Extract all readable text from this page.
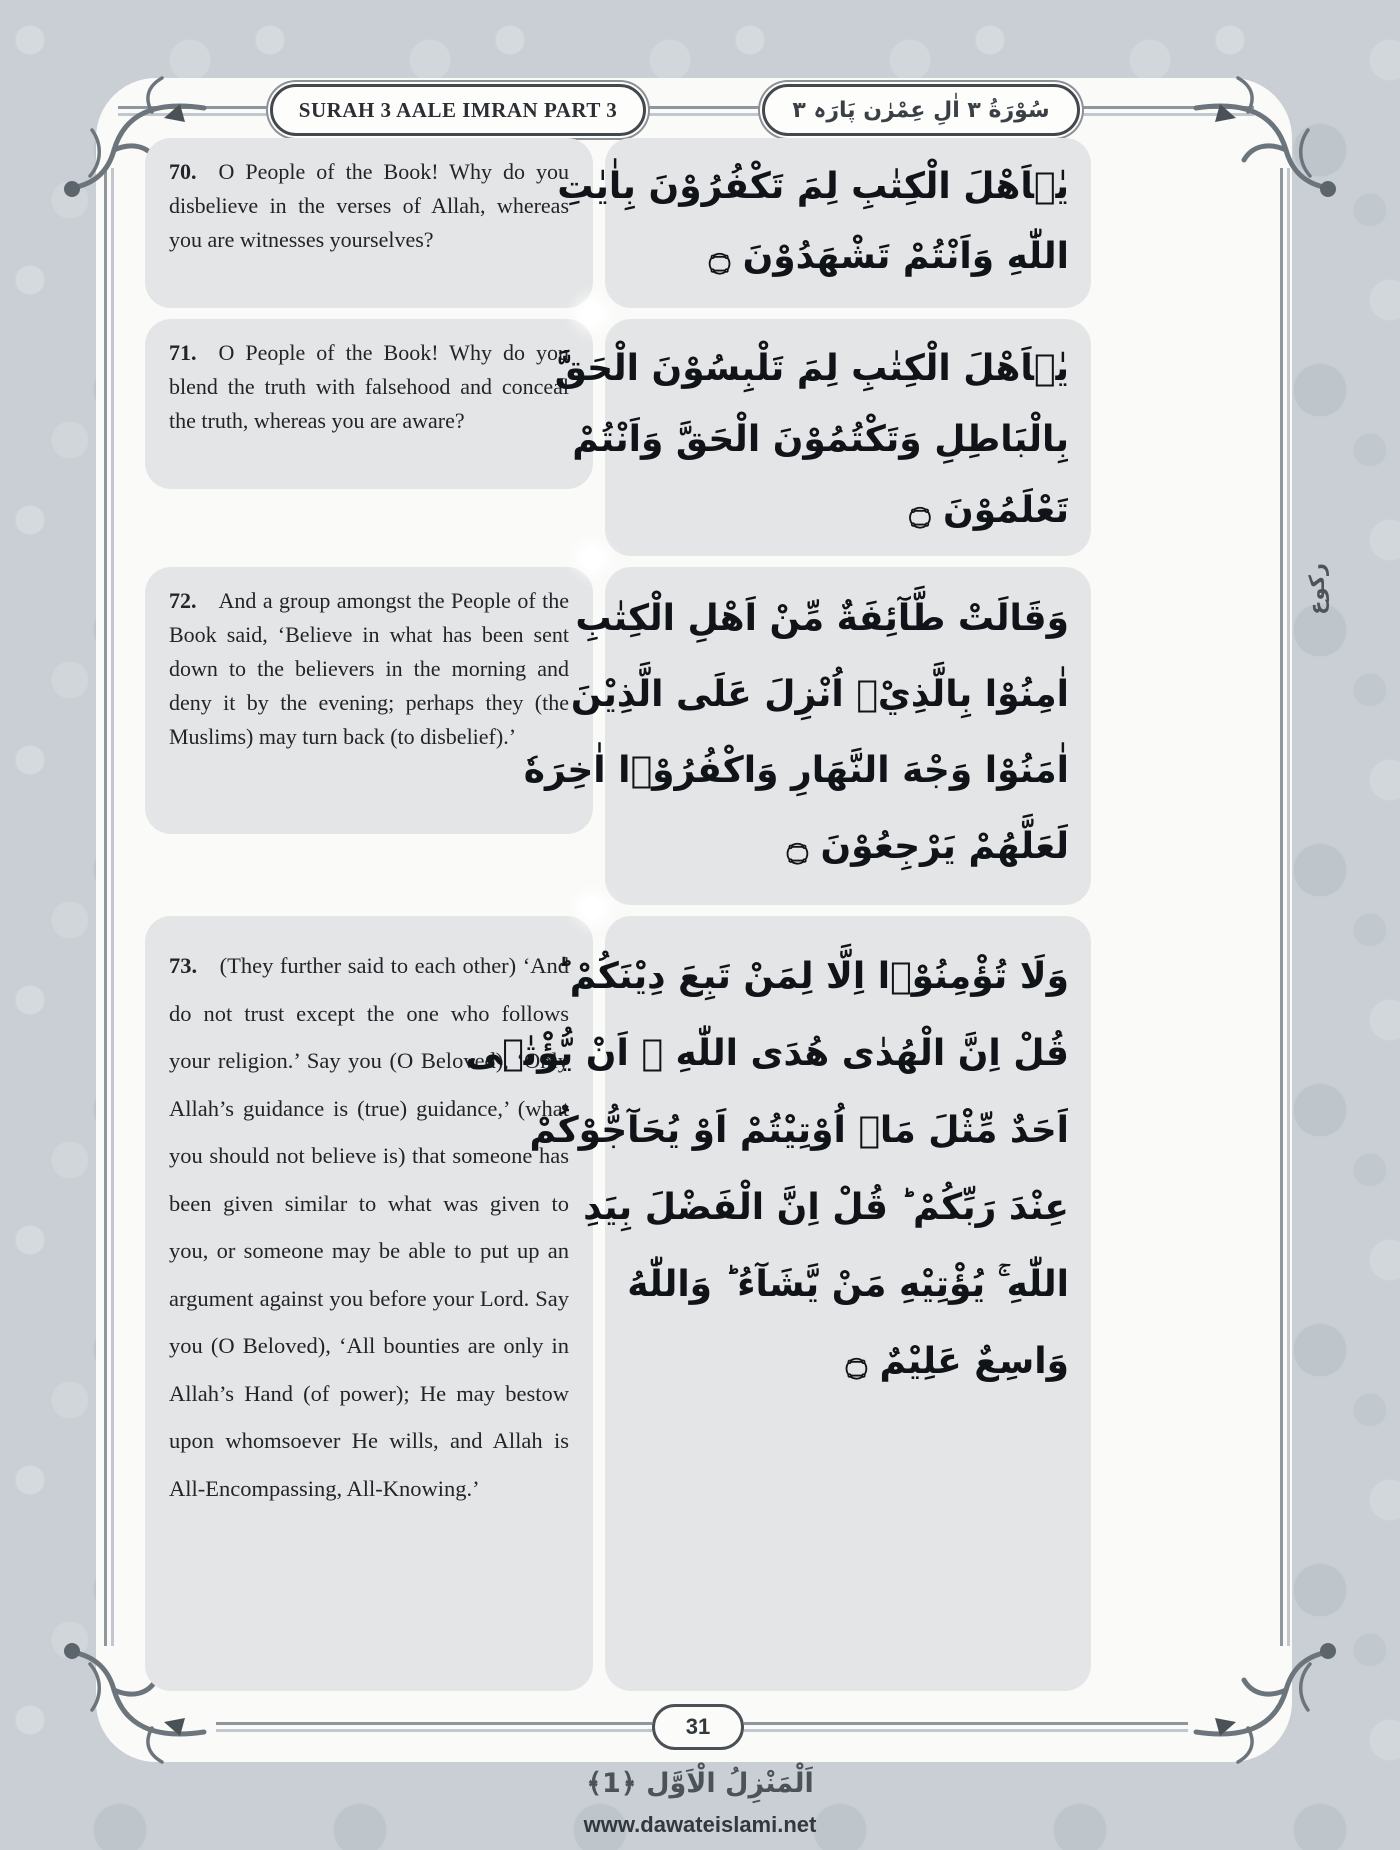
SURAH 3 AALE IMRAN PART 3	سُوْرَةُ ۳ اٰلِ عِمْرٰن پَارَہ ۳

70.  O People of the Book! Why do you disbelieve in the verses of Allah, whereas you are witnesses yourselves?

يٰۤاَهْلَ الْكِتٰبِ لِمَ تَكْفُرُوْنَ بِاٰيٰتِ
اللّٰهِ وَاَنْتُمْ تَشْهَدُوْنَ ۝

71.  O People of the Book! Why do you blend the truth with falsehood and conceal the truth, whereas you are aware?

يٰۤاَهْلَ الْكِتٰبِ لِمَ تَلْبِسُوْنَ الْحَقَّ
بِالْبَاطِلِ وَتَكْتُمُوْنَ الْحَقَّ وَاَنْتُمْ
تَعْلَمُوْنَ ۝

72.  And a group amongst the People of the Book said, ‘Believe in what has been sent down to the believers in the morning and deny it by the evening; perhaps they (the Muslims) may turn back (to disbelief).’

وَقَالَتْ طَّآئِفَةٌ مِّنْ اَهْلِ الْكِتٰبِ
اٰمِنُوْا بِالَّذِيْۤ اُنْزِلَ عَلَى الَّذِيْنَ
اٰمَنُوْا وَجْهَ النَّهَارِ وَاكْفُرُوْۤا اٰخِرَهٗ
لَعَلَّهُمْ يَرْجِعُوْنَ ۝

73.  (They further said to each other) ‘And do not trust except the one who follows your religion.’ Say you (O Beloved), ‘Only Allah’s guidance is (true) guidance,’ (what you should not believe is) that someone has been given similar to what was given to you, or someone may be able to put up an argument against you before your Lord. Say you (O Beloved), ‘All bounties are only in Allah’s Hand (of power); He may bestow upon whomsoever He wills, and Allah is All-Encompassing, All-Knowing.’

وَلَا تُؤْمِنُوْۤا اِلَّا لِمَنْ تَبِعَ دِيْنَكُمْ ؕ
قُلْ اِنَّ الْهُدٰى هُدَى اللّٰهِ ۙ اَنْ يُّؤْتٰۤى
اَحَدٌ مِّثْلَ مَاۤ اُوْتِيْتُمْ اَوْ يُحَآجُّوْكُمْ
عِنْدَ رَبِّكُمْ ؕ قُلْ اِنَّ الْفَضْلَ بِيَدِ
اللّٰهِ ۚ يُؤْتِيْهِ مَنْ يَّشَآءُ ؕ وَاللّٰهُ
وَاسِعٌ عَلِيْمٌ ۝
رکوع
31
اَلْمَنْزِلُ الْاَوَّل ﴿1﴾
www.dawateislami.net
